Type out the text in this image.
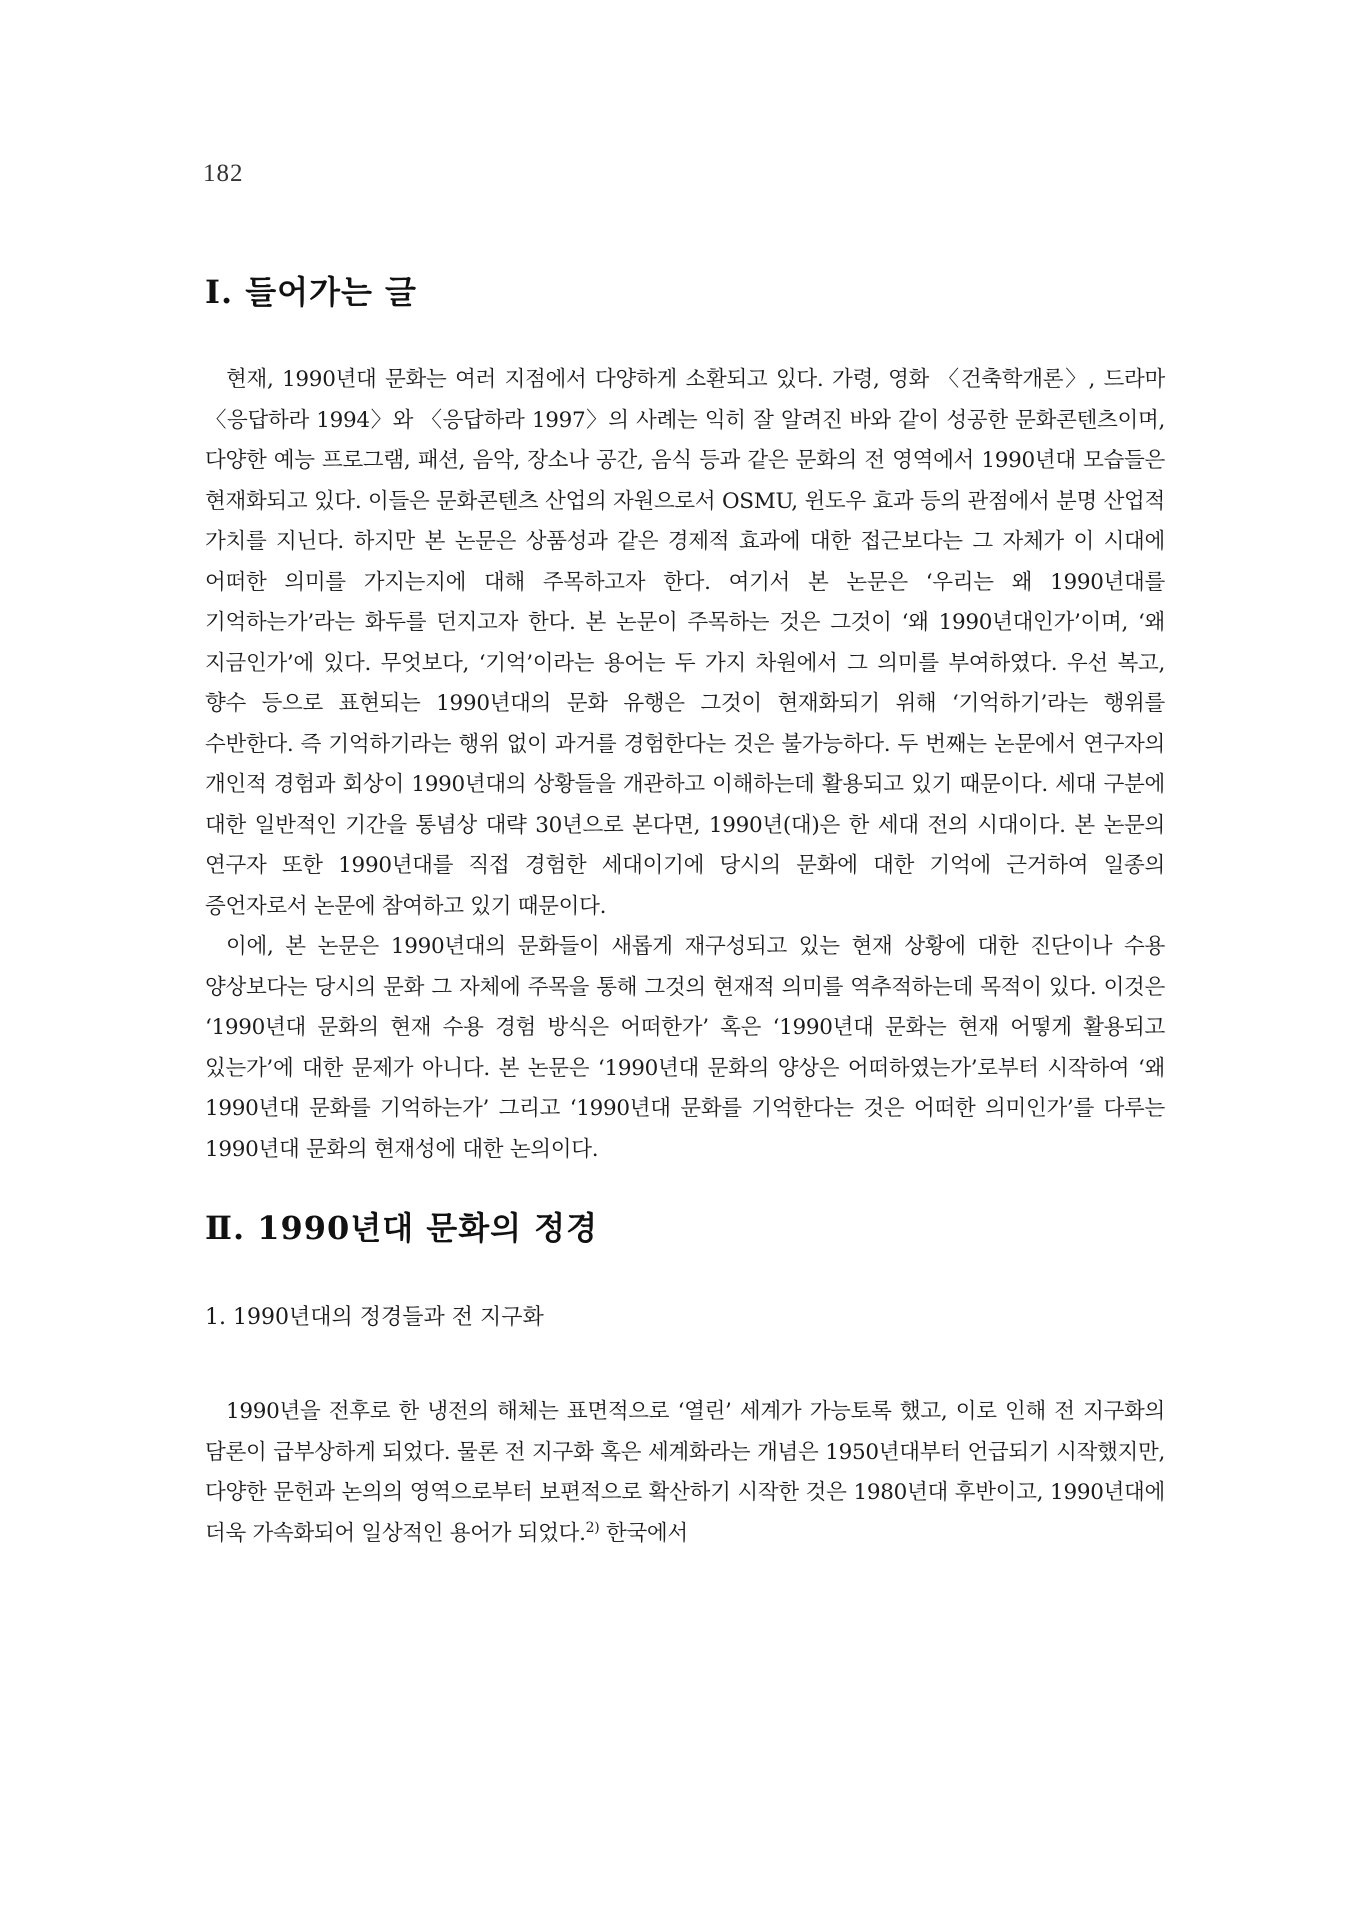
182
Ⅰ. 들어가는 글

현재, 1990년대 문화는 여러 지점에서 다양하게 소환되고 있다. 가령, 영화 〈건축학개론〉, 드라마 〈응답하라 1994〉와 〈응답하라 1997〉의 사례는 익히 잘 알려진 바와 같이 성공한 문화콘텐츠이며, 다양한 예능 프로그램, 패션, 음악, 장소나 공간, 음식 등과 같은 문화의 전 영역에서 1990년대 모습들은 현재화되고 있다. 이들은 문화콘텐츠 산업의 자원으로서 OSMU, 윈도우 효과 등의 관점에서 분명 산업적 가치를 지닌다. 하지만 본 논문은 상품성과 같은 경제적 효과에 대한 접근보다는 그 자체가 이 시대에 어떠한 의미를 가지는지에 대해 주목하고자 한다. 여기서 본 논문은 ‘우리는 왜 1990년대를 기억하는가’라는 화두를 던지고자 한다. 본 논문이 주목하는 것은 그것이 ‘왜 1990년대인가’이며, ‘왜 지금인가’에 있다. 무엇보다, ‘기억’이라는 용어는 두 가지 차원에서 그 의미를 부여하였다. 우선 복고, 향수 등으로 표현되는 1990년대의 문화 유행은 그것이 현재화되기 위해 ‘기억하기’라는 행위를 수반한다. 즉 기억하기라는 행위 없이 과거를 경험한다는 것은 불가능하다. 두 번째는 논문에서 연구자의 개인적 경험과 회상이 1990년대의 상황들을 개관하고 이해하는데 활용되고 있기 때문이다. 세대 구분에 대한 일반적인 기간을 통념상 대략 30년으로 본다면, 1990년(대)은 한 세대 전의 시대이다. 본 논문의 연구자 또한 1990년대를 직접 경험한 세대이기에 당시의 문화에 대한 기억에 근거하여 일종의 증언자로서 논문에 참여하고 있기 때문이다.

이에, 본 논문은 1990년대의 문화들이 새롭게 재구성되고 있는 현재 상황에 대한 진단이나 수용 양상보다는 당시의 문화 그 자체에 주목을 통해 그것의 현재적 의미를 역추적하는데 목적이 있다. 이것은 ‘1990년대 문화의 현재 수용 경험 방식은 어떠한가’ 혹은 ‘1990년대 문화는 현재 어떻게 활용되고 있는가’에 대한 문제가 아니다. 본 논문은 ‘1990년대 문화의 양상은 어떠하였는가’로부터 시작하여 ‘왜 1990년대 문화를 기억하는가’ 그리고 ‘1990년대 문화를 기억한다는 것은 어떠한 의미인가’를 다루는 1990년대 문화의 현재성에 대한 논의이다.

Ⅱ. 1990년대 문화의 정경
1. 1990년대의 정경들과 전 지구화

1990년을 전후로 한 냉전의 해체는 표면적으로 ‘열린’ 세계가 가능토록 했고, 이로 인해 전 지구화의 담론이 급부상하게 되었다. 물론 전 지구화 혹은 세계화라는 개념은 1950년대부터 언급되기 시작했지만, 다양한 문헌과 논의의 영역으로부터 보편적으로 확산하기 시작한 것은 1980년대 후반이고, 1990년대에 더욱 가속화되어 일상적인 용어가 되었다.$^{2)}$ 한국에서
